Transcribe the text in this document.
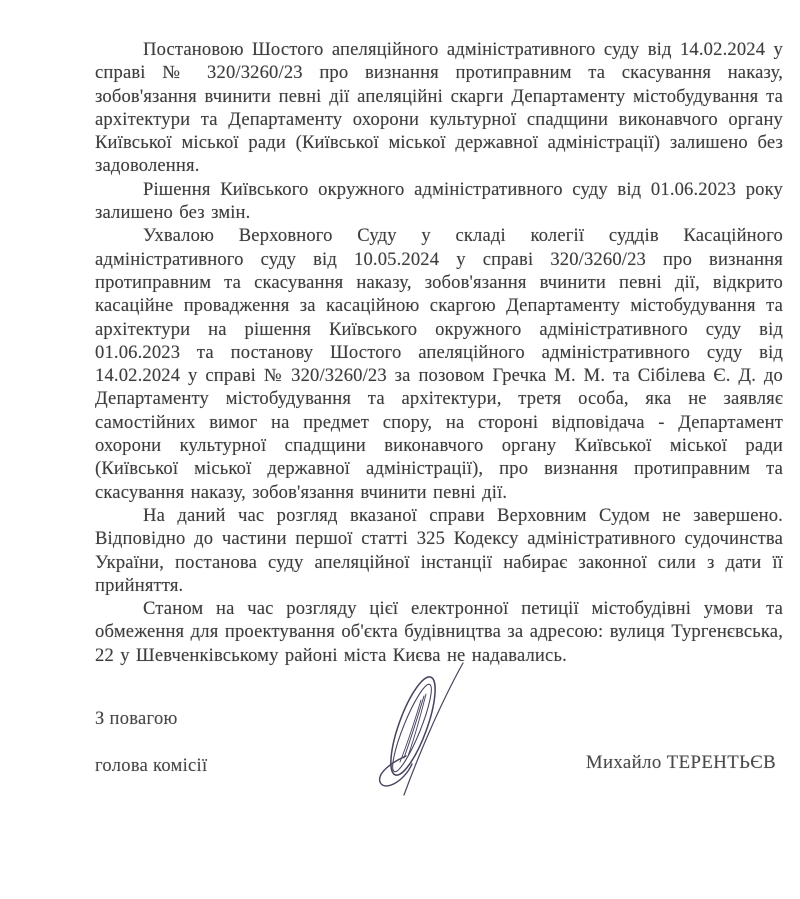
Постановою Шостого апеляційного адміністративного суду від 14.02.2024 у справі № 320/3260/23 про визнання протиправним та скасування наказу, зобов'язання вчинити певні дії апеляційні скарги Департаменту містобудування та архітектури та Департаменту охорони культурної спадщини виконавчого органу Київської міської ради (Київської міської державної адміністрації) залишено без задоволення.

Рішення Київського окружного адміністративного суду від 01.06.2023 року залишено без змін.

Ухвалою Верховного Суду у складі колегії суддів Касаційного адміністративного суду від 10.05.2024 у справі 320/3260/23 про визнання протиправним та скасування наказу, зобов'язання вчинити певні дії, відкрито касаційне провадження за касаційною скаргою Департаменту містобудування та архітектури на рішення Київського окружного адміністративного суду від 01.06.2023 та постанову Шостого апеляційного адміністративного суду від 14.02.2024 у справі № 320/3260/23 за позовом Гречка М. М. та Сібілева Є. Д. до Департаменту містобудування та архітектури, третя особа, яка не заявляє самостійних вимог на предмет спору, на стороні відповідача - Департамент охорони культурної спадщини виконавчого органу Київської міської ради (Київської міської державної адміністрації), про визнання протиправним та скасування наказу, зобов'язання вчинити певні дії.

На даний час розгляд вказаної справи Верховним Судом не завершено. Відповідно до частини першої статті 325 Кодексу адміністративного судочинства України, постанова суду апеляційної інстанції набирає законної сили з дати її прийняття.

Станом на час розгляду цієї електронної петиції містобудівні умови та обмеження для проектування об'єкта будівництва за адресою: вулиця Тургенєвська, 22 у Шевченківському районі міста Києва не надавались.

З повагою
голова комісії	Михайло ТЕРЕНТЬЄВ
